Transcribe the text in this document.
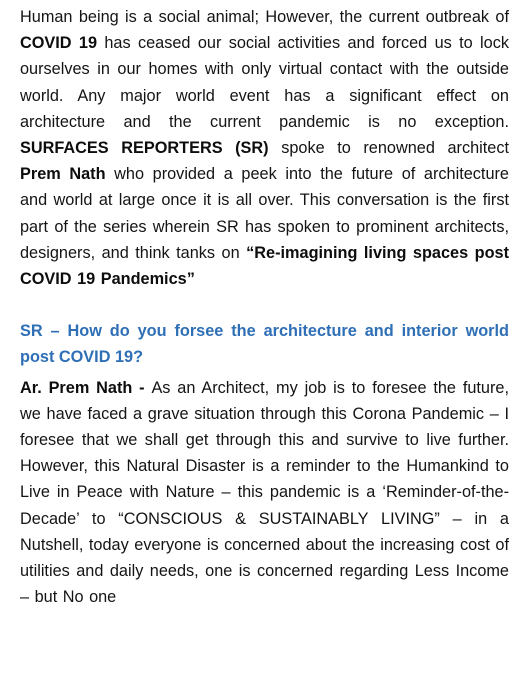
Human being is a social animal; However, the current outbreak of COVID 19 has ceased our social activities and forced us to lock ourselves in our homes with only virtual contact with the outside world. Any major world event has a significant effect on architecture and the current pandemic is no exception. SURFACES REPORTERS (SR) spoke to renowned architect Prem Nath who provided a peek into the future of architecture and world at large once it is all over. This conversation is the first part of the series wherein SR has spoken to prominent architects, designers, and think tanks on “Re-imagining living spaces post COVID 19 Pandemics”

SR – How do you forsee the architecture and interior world post COVID 19?

Ar. Prem Nath - As an Architect, my job is to foresee the future, we have faced a grave situation through this Corona Pandemic – I foresee that we shall get through this and survive to live further. However, this Natural Disaster is a reminder to the Humankind to Live in Peace with Nature – this pandemic is a ‘Reminder-of-the-Decade’ to “CONSCIOUS & SUSTAINABLY LIVING” – in a Nutshell, today everyone is concerned about the increasing cost of utilities and daily needs, one is concerned regarding Less Income – but No one
